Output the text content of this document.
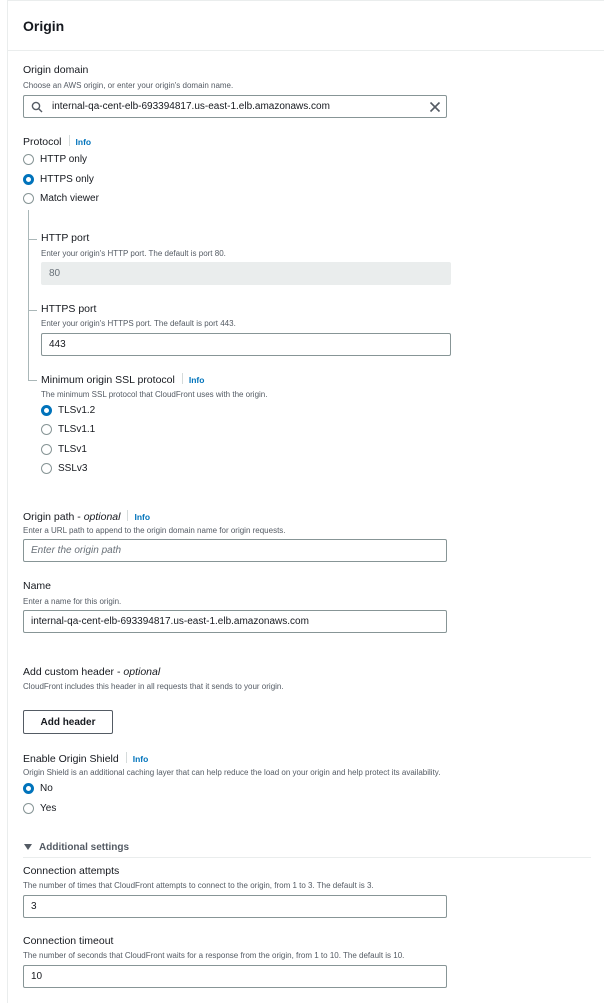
Origin
Origin domain
Choose an AWS origin, or enter your origin's domain name.
internal-qa-cent-elb-693394817.us-east-1.elb.amazonaws.com
Protocol Info
HTTP only
HTTPS only
Match viewer
HTTP port
Enter your origin's HTTP port. The default is port 80.
80
HTTPS port
Enter your origin's HTTPS port. The default is port 443.
443
Minimum origin SSL protocol Info
The minimum SSL protocol that CloudFront uses with the origin.
TLSv1.2
TLSv1.1
TLSv1
SSLv3
Origin path - optional Info
Enter a URL path to append to the origin domain name for origin requests.
Enter the origin path
Name
Enter a name for this origin.
internal-qa-cent-elb-693394817.us-east-1.elb.amazonaws.com
Add custom header - optional
CloudFront includes this header in all requests that it sends to your origin.
Add header
Enable Origin Shield Info
Origin Shield is an additional caching layer that can help reduce the load on your origin and help protect its availability.
No
Yes
Additional settings
Connection attempts
The number of times that CloudFront attempts to connect to the origin, from 1 to 3. The default is 3.
3
Connection timeout
The number of seconds that CloudFront waits for a response from the origin, from 1 to 10. The default is 10.
10
